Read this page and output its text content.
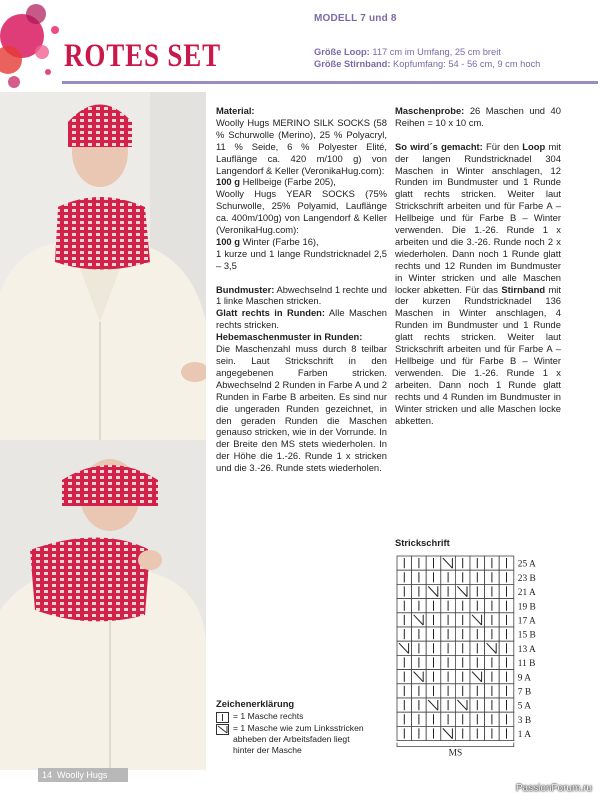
ROTES SET
MODELL 7 und 8
Größe Loop: 117 cm im Umfang, 25 cm breit
Größe Stirnband: Kopfumfang: 54 - 56 cm, 9 cm hoch

Material:
Woolly Hugs MERINO SILK SOCKS (58 % Schurwolle (Merino), 25 % Polyacryl, 11 % Seide, 6 % Polyester Elité, Lauflänge ca. 420 m/100 g) von Langendorf & Keller (VeronikaHug.com):
100 g Hellbeige (Farbe 205),
Woolly Hugs YEAR SOCKS (75% Schurwolle, 25% Polyamid, Lauflänge ca. 400m/100g) von Langendorf & Keller (VeronikaHug.com):
100 g Winter (Farbe 16),
1 kurze und 1 lange Rundstricknadel 2,5 – 3,5

Bundmuster: Abwechselnd 1 rechte und 1 linke Maschen stricken.

Glatt rechts in Runden: Alle Maschen rechts stricken.

Hebemaschenmuster in Runden:
Die Maschenzahl muss durch 8 teilbar sein. Laut Strickschrift in den angegebenen Farben stricken. Abwechselnd 2 Runden in Farbe A und 2 Runden in Farbe B arbeiten. Es sind nur die ungeraden Runden gezeichnet, in den geraden Runden die Maschen genauso stricken, wie in der Vorrunde. In der Breite den MS stets wiederholen. In der Höhe die 1.-26. Runde 1 x stricken und die 3.-26. Runde stets wiederholen.

Maschenprobe: 26 Maschen und 40 Reihen = 10 x 10 cm.

So wird´s gemacht: Für den Loop mit der langen Rundstricknadel 304 Maschen in Winter anschlagen, 12 Runden im Bundmuster und 1 Runde glatt rechts stricken. Weiter laut Strickschrift arbeiten und für Farbe A – Hellbeige und für Farbe B – Winter verwenden. Die 1.-26. Runde 1 x arbeiten und die 3.-26. Runde noch 2 x wiederholen. Dann noch 1 Runde glatt rechts und 12 Runden im Bundmuster in Winter stricken und alle Maschen locker abketten. Für das Stirnband mit der kurzen Rundstricknadel 136 Maschen in Winter anschlagen, 4 Runden im Bundmuster und 1 Runde glatt rechts stricken. Weiter laut Strickschrift arbeiten und für Farbe A – Hellbeige und für Farbe B – Winter verwenden. Die 1.-26. Runde 1 x arbeiten. Dann noch 1 Runde glatt rechts und 4 Runden im Bundmuster in Winter stricken und alle Maschen locke abketten.

Strickschrift
25 A
23 B
21 A
19 B
17 A
15 B
13 A
11 B
9 A
7 B
5 A
3 B
1 A
MS
Zeichenerklärung
= 1 Masche rechts
= 1 Masche wie zum Linksstricken abheben der Arbeitsfaden liegt hinter der Masche
14 Woolly Hugs
PassionForum.ru
